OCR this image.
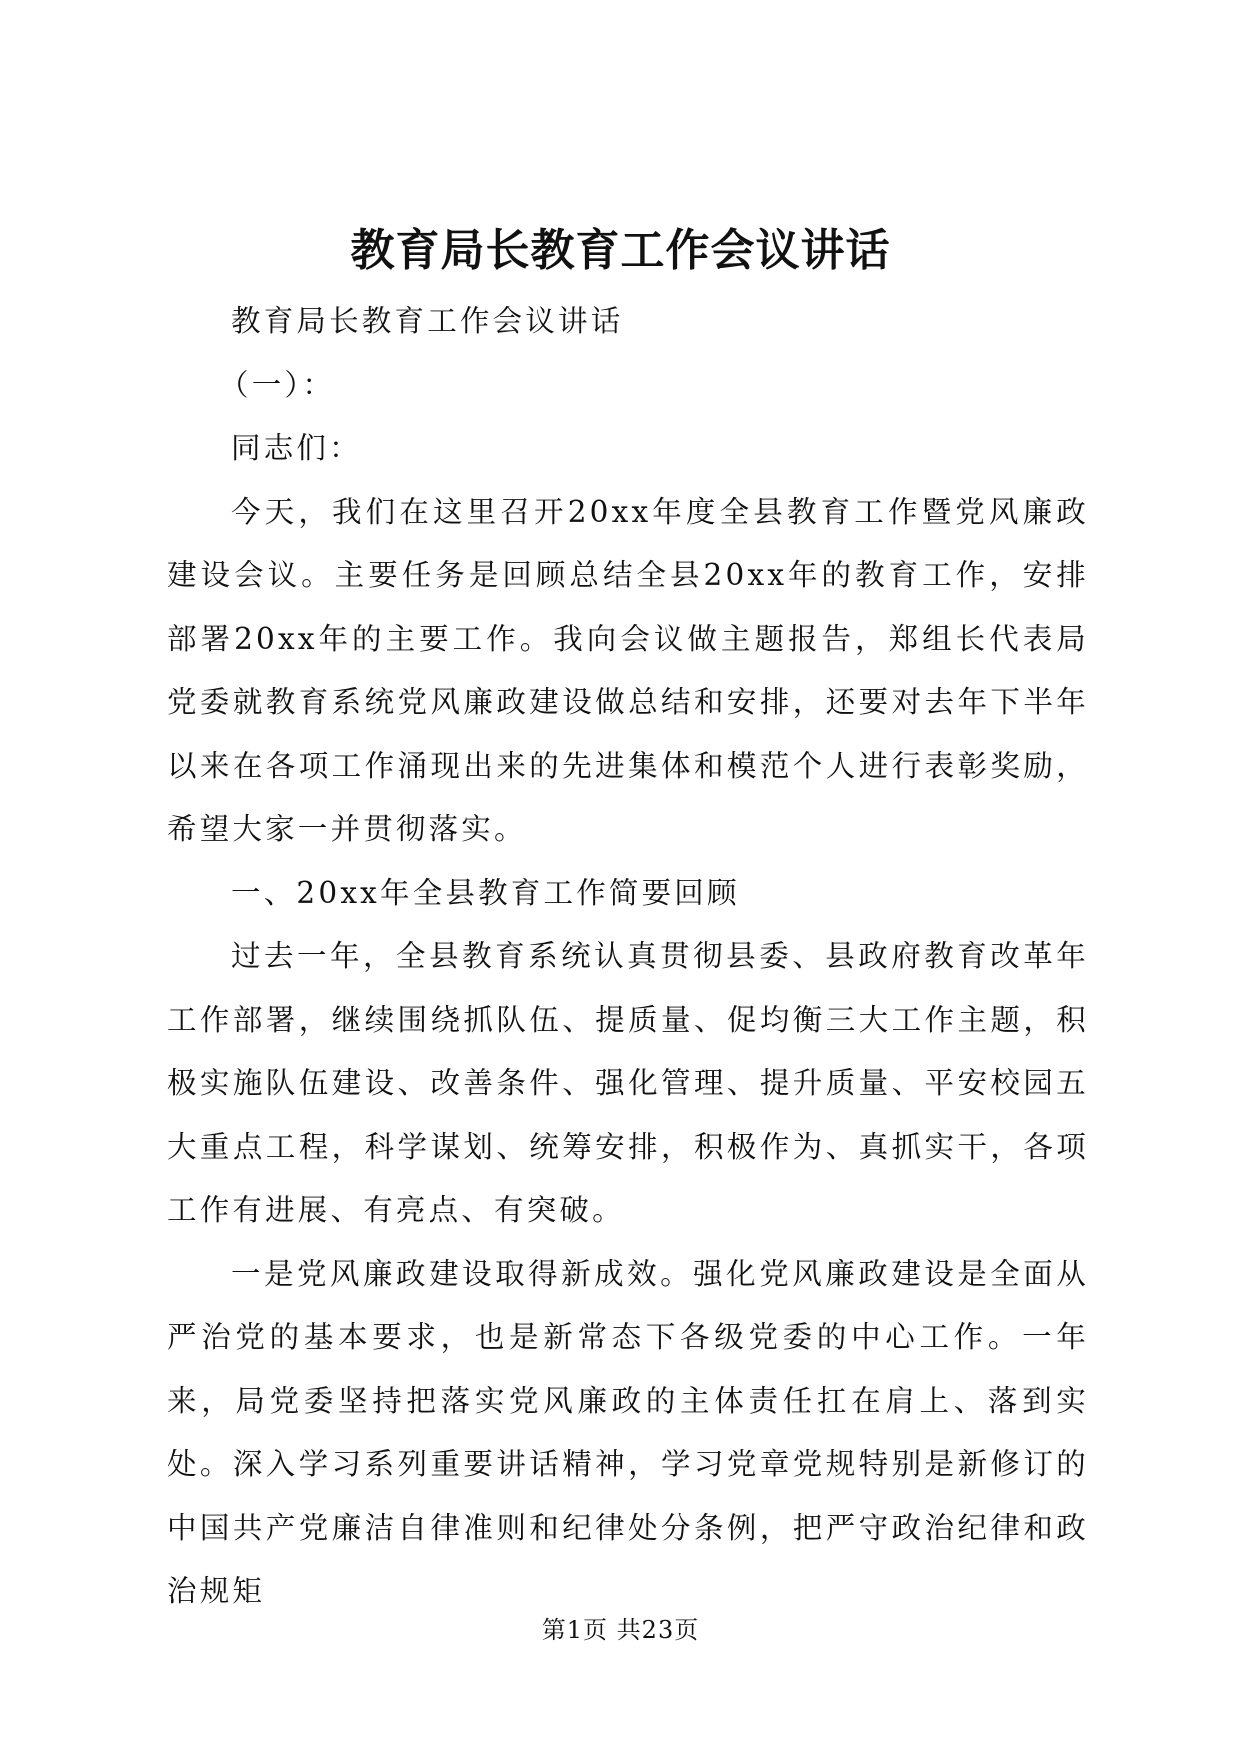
教育局长教育工作会议讲话

教育局长教育工作会议讲话

（一）：

同志们：

今天，我们在这里召开20xx年度全县教育工作暨党风廉政建设会议。主要任务是回顾总结全县20xx年的教育工作，安排部署20xx年的主要工作。我向会议做主题报告，郑组长代表局党委就教育系统党风廉政建设做总结和安排，还要对去年下半年以来在各项工作涌现出来的先进集体和模范个人进行表彰奖励，希望大家一并贯彻落实。

一、20xx年全县教育工作简要回顾

过去一年，全县教育系统认真贯彻县委、县政府教育改革年工作部署，继续围绕抓队伍、提质量、促均衡三大工作主题，积极实施队伍建设、改善条件、强化管理、提升质量、平安校园五大重点工程，科学谋划、统筹安排，积极作为、真抓实干，各项工作有进展、有亮点、有突破。

一是党风廉政建设取得新成效。强化党风廉政建设是全面从严治党的基本要求，也是新常态下各级党委的中心工作。一年来，局党委坚持把落实党风廉政的主体责任扛在肩上、落到实处。深入学习系列重要讲话精神，学习党章党规特别是新修订的中国共产党廉洁自律准则和纪律处分条例，把严守政治纪律和政治规矩

第1页 共23页
